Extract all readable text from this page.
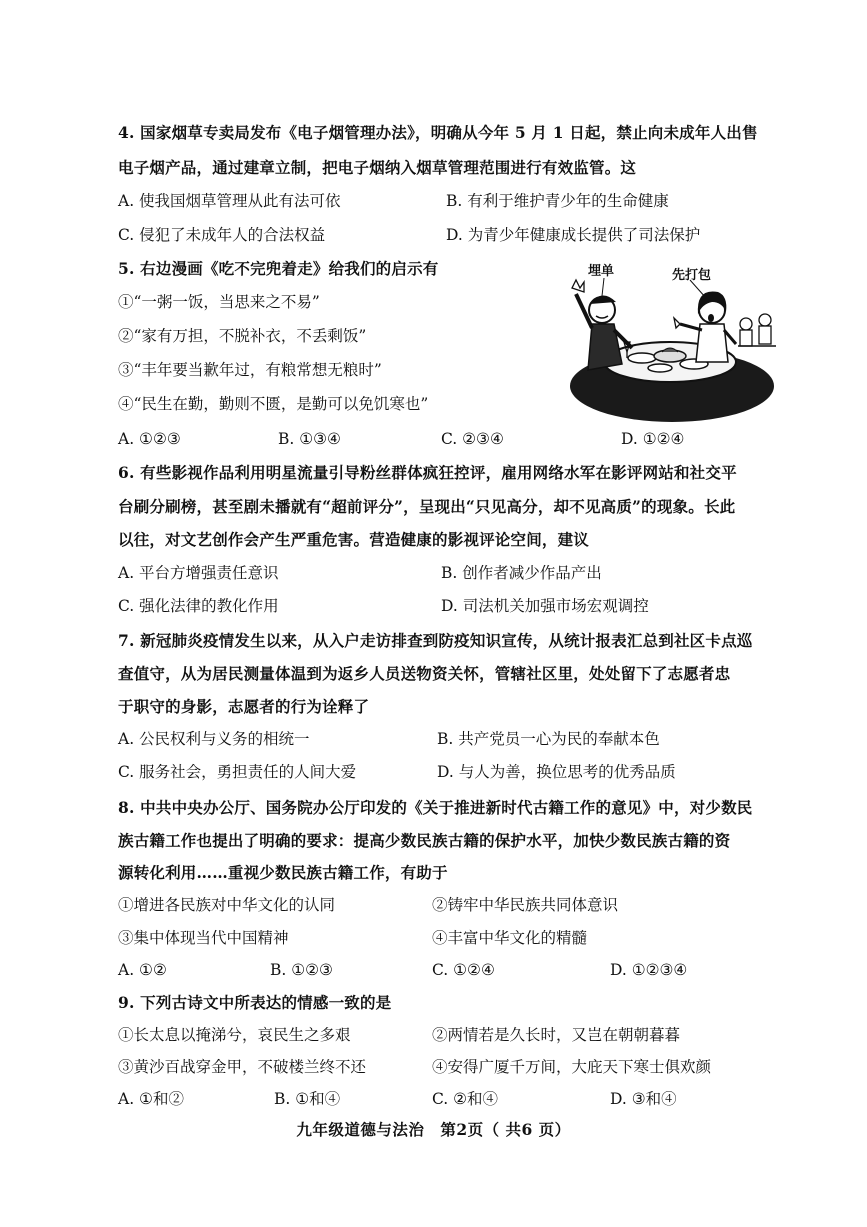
4. 国家烟草专卖局发布《电子烟管理办法》，明确从今年 5 月 1 日起，禁止向未成年人出售
电子烟产品，通过建章立制，把电子烟纳入烟草管理范围进行有效监管。这
A. 使我国烟草管理从此有法可依	B. 有利于维护青少年的生命健康
C. 侵犯了未成年人的合法权益	D. 为青少年健康成长提供了司法保护
5. 右边漫画《吃不完兜着走》给我们的启示有
①“一粥一饭，当思来之不易”
②“家有万担，不脱补衣，不丢剩饭”
③“丰年要当歉年过，有粮常想无粮时”
④“民生在勤，勤则不匮，是勤可以免饥寒也”
A. ①②③	B. ①③④	C. ②③④	D. ①②④
埋单	先打包
6. 有些影视作品利用明星流量引导粉丝群体疯狂控评，雇用网络水军在影评网站和社交平
台刷分刷榜，甚至剧未播就有“超前评分”，呈现出“只见高分，却不见高质”的现象。长此
以往，对文艺创作会产生严重危害。营造健康的影视评论空间，建议
A. 平台方增强责任意识	B. 创作者减少作品产出
C. 强化法律的教化作用	D. 司法机关加强市场宏观调控
7. 新冠肺炎疫情发生以来，从入户走访排查到防疫知识宣传，从统计报表汇总到社区卡点巡
查值守，从为居民测量体温到为返乡人员送物资关怀，管辖社区里，处处留下了志愿者忠
于职守的身影，志愿者的行为诠释了
A. 公民权利与义务的相统一	B. 共产党员一心为民的奉献本色
C. 服务社会，勇担责任的人间大爱	D. 与人为善，换位思考的优秀品质
8. 中共中央办公厅、国务院办公厅印发的《关于推进新时代古籍工作的意见》中，对少数民
族古籍工作也提出了明确的要求：提高少数民族古籍的保护水平，加快少数民族古籍的资
源转化利用……重视少数民族古籍工作，有助于
①增进各民族对中华文化的认同	②铸牢中华民族共同体意识
③集中体现当代中国精神	④丰富中华文化的精髓
A. ①②	B. ①②③	C. ①②④	D. ①②③④
9. 下列古诗文中所表达的情感一致的是
①长太息以掩涕兮，哀民生之多艰	②两情若是久长时，又岂在朝朝暮暮
③黄沙百战穿金甲，不破楼兰终不还	④安得广厦千万间，大庇天下寒士俱欢颜
A. ①和②	B. ①和④	C. ②和④	D. ③和④
九年级道德与法治　第2页（ 共6 页）
